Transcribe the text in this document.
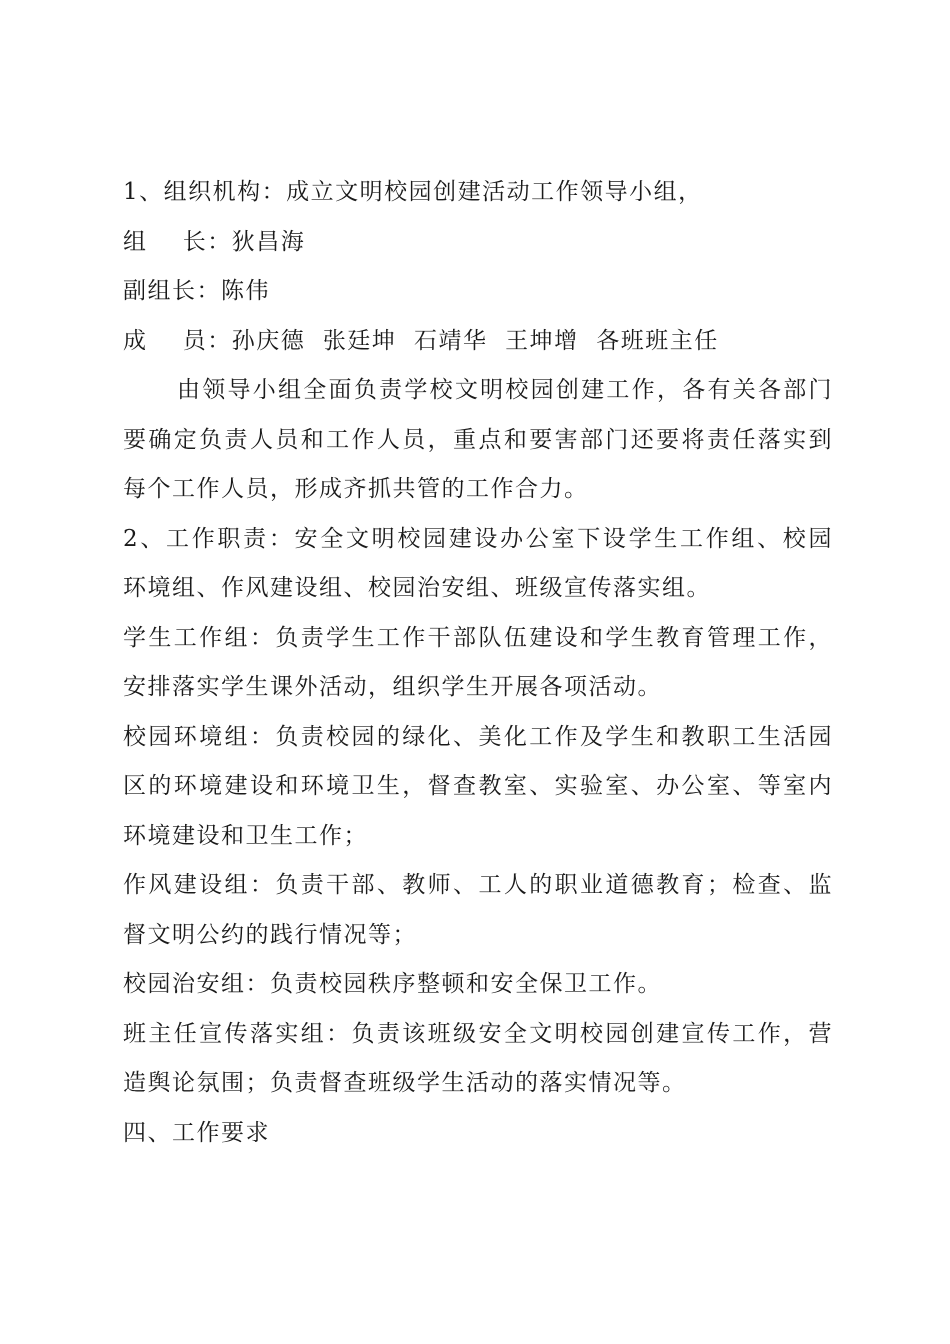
1、组织机构：成立文明校园创建活动工作领导小组，
组    长：狄昌海
副组长：陈伟
成    员：孙庆德  张廷坤  石靖华  王坤增  各班班主任
由领导小组全面负责学校文明校园创建工作，各有关各部门
要确定负责人员和工作人员，重点和要害部门还要将责任落实到
每个工作人员，形成齐抓共管的工作合力。
2、工作职责：安全文明校园建设办公室下设学生工作组、校园
环境组、作风建设组、校园治安组、班级宣传落实组。
学生工作组：负责学生工作干部队伍建设和学生教育管理工作，
安排落实学生课外活动，组织学生开展各项活动。
校园环境组：负责校园的绿化、美化工作及学生和教职工生活园
区的环境建设和环境卫生，督查教室、实验室、办公室、等室内
环境建设和卫生工作；
作风建设组：负责干部、教师、工人的职业道德教育；检查、监
督文明公约的践行情况等；
校园治安组：负责校园秩序整顿和安全保卫工作。
班主任宣传落实组：负责该班级安全文明校园创建宣传工作，营
造舆论氛围；负责督查班级学生活动的落实情况等。
四、工作要求
